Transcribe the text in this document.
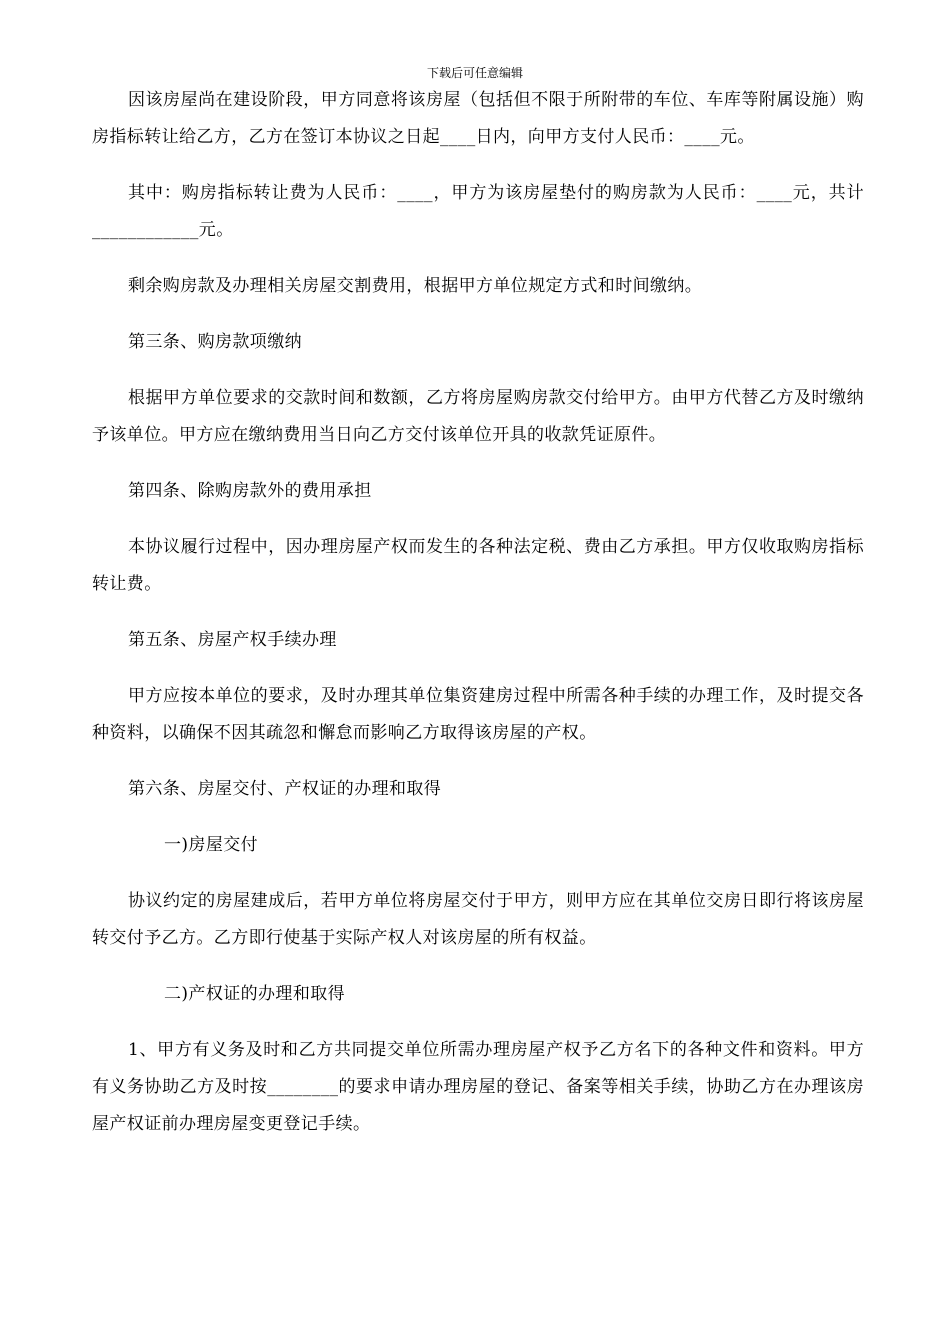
下载后可任意编辑

因该房屋尚在建设阶段，甲方同意将该房屋（包括但不限于所附带的车位、车库等附属设施）购房指标转让给乙方，乙方在签订本协议之日起____日内，向甲方支付人民币：____元。

其中：购房指标转让费为人民币：____，甲方为该房屋垫付的购房款为人民币：____元，共计____________元。

剩余购房款及办理相关房屋交割费用，根据甲方单位规定方式和时间缴纳。

第三条、购房款项缴纳

根据甲方单位要求的交款时间和数额，乙方将房屋购房款交付给甲方。由甲方代替乙方及时缴纳予该单位。甲方应在缴纳费用当日向乙方交付该单位开具的收款凭证原件。

第四条、除购房款外的费用承担

本协议履行过程中，因办理房屋产权而发生的各种法定税、费由乙方承担。甲方仅收取购房指标转让费。

第五条、房屋产权手续办理

甲方应按本单位的要求，及时办理其单位集资建房过程中所需各种手续的办理工作，及时提交各种资料，以确保不因其疏忽和懈怠而影响乙方取得该房屋的产权。

第六条、房屋交付、产权证的办理和取得

一)房屋交付

协议约定的房屋建成后，若甲方单位将房屋交付于甲方，则甲方应在其单位交房日即行将该房屋转交付予乙方。乙方即行使基于实际产权人对该房屋的所有权益。

二)产权证的办理和取得

1、甲方有义务及时和乙方共同提交单位所需办理房屋产权予乙方名下的各种文件和资料。甲方有义务协助乙方及时按________的要求申请办理房屋的登记、备案等相关手续，协助乙方在办理该房屋产权证前办理房屋变更登记手续。
